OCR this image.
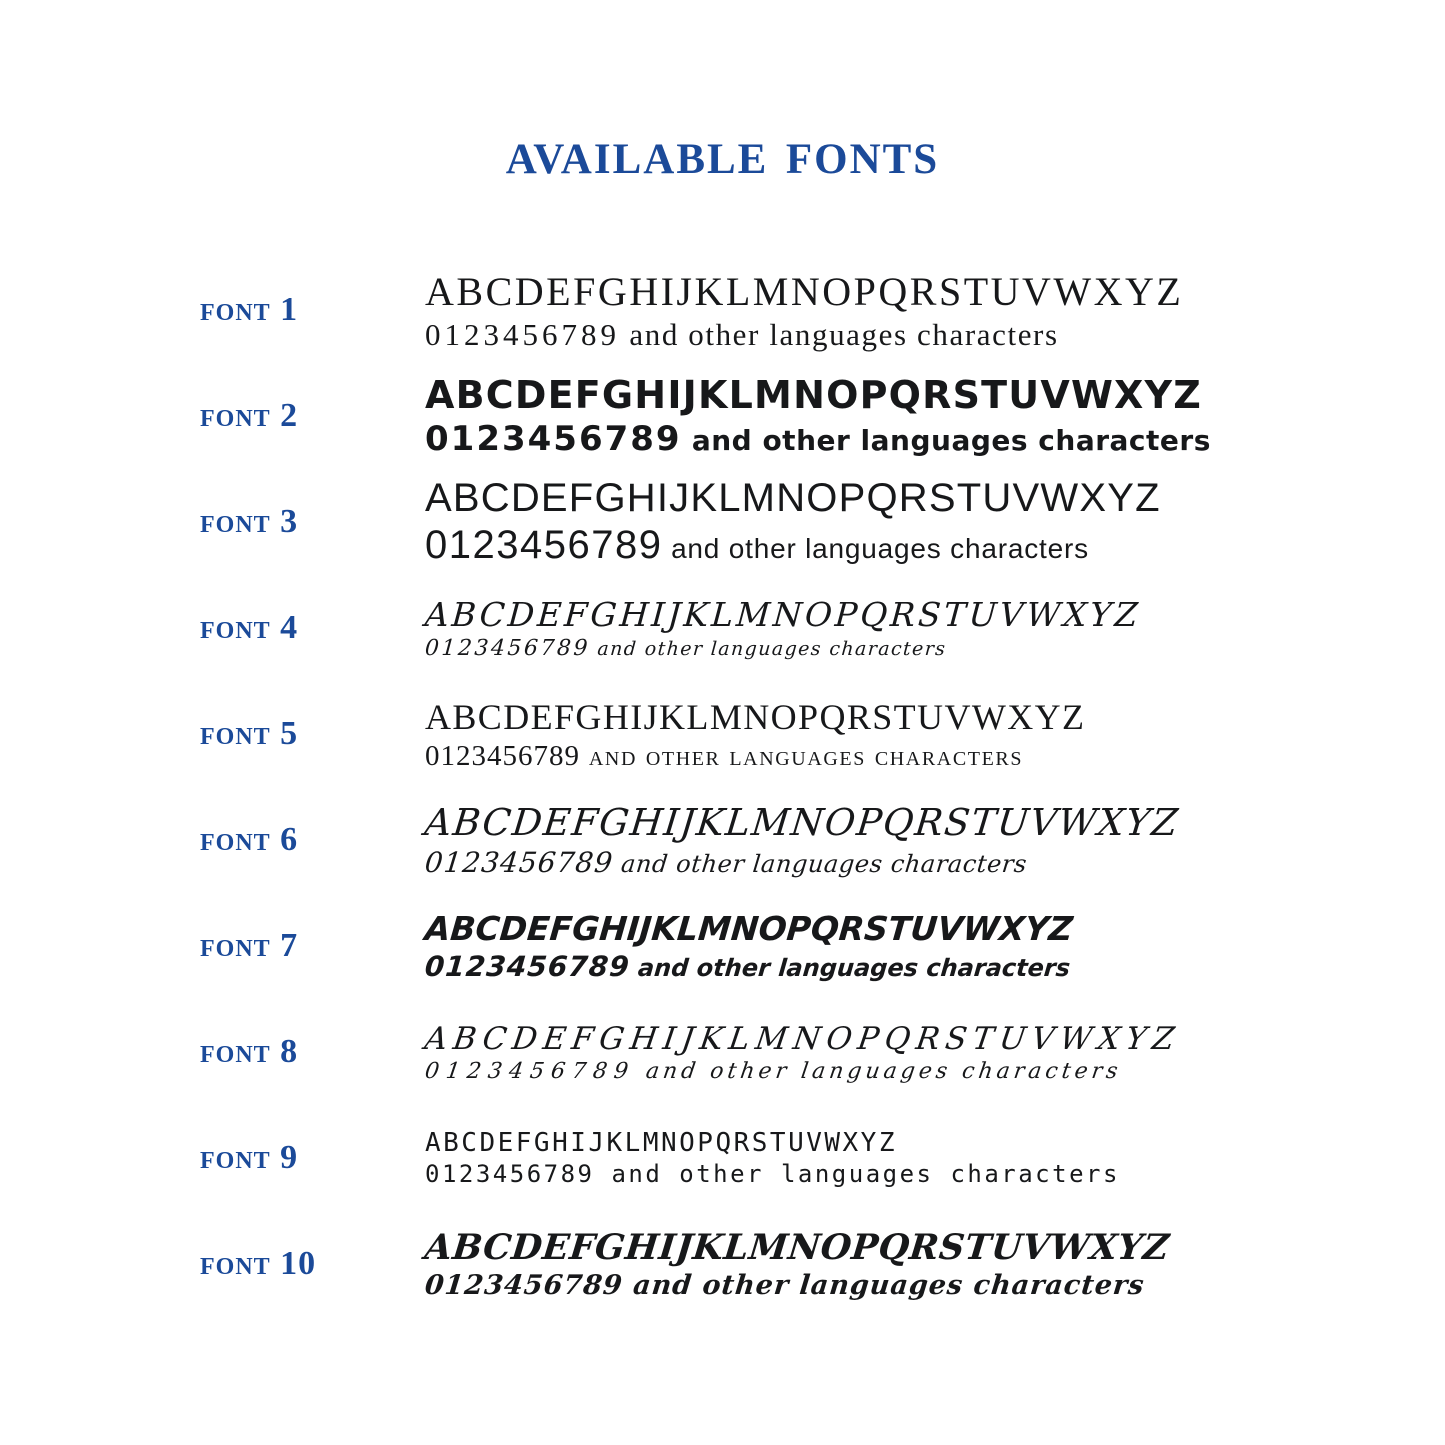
available fonts
font 1	ABCDEFGHIJKLMNOPQRSTUVWXYZ
0123456789 and other languages characters
font 2	ABCDEFGHIJKLMNOPQRSTUVWXYZ
0123456789 and other languages characters
font 3
ABCDEFGHIJKLMNOPQRSTUVWXYZ
0123456789 and other languages characters
font 4	ABCDEFGHIJKLMNOPQRSTUVWXYZ 0123456789 and other languages characters
font 5	ABCDEFGHIJKLMNOPQRSTUVWXYZ
0123456789 and other languages characters
font 6	ABCDEFGHIJKLMNOPQRSTUVWXYZ 0123456789 and other languages characters
font 7	ABCDEFGHIJKLMNOPQRSTUVWXYZ 0123456789 and other languages characters
font 8	ABCDEFGHIJKLMNOPQRSTUVWXYZ 0123456789 and other languages characters
font 9	ABCDEFGHIJKLMNOPQRSTUVWXYZ
0123456789 and other languages characters
font 10	ABCDEFGHIJKLMNOPQRSTUVWXYZ 0123456789 and other languages characters
